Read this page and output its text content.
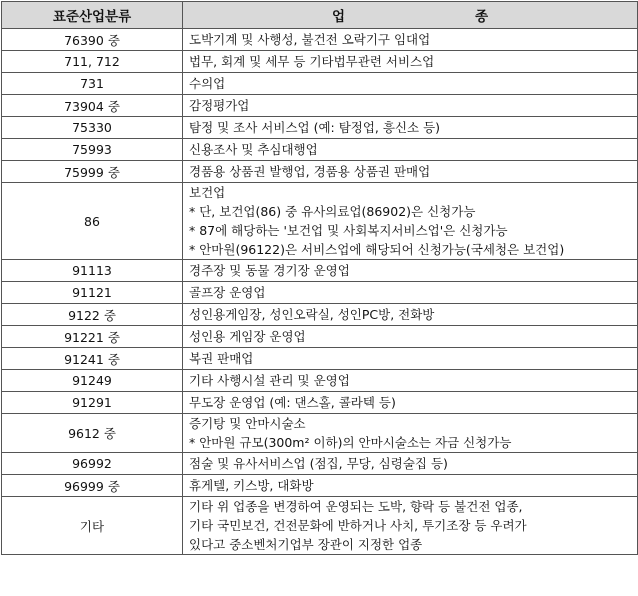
표준산업분류	업 종
76390 중	도박기계 및 사행성, 불건전 오락기구 임대업

711, 712	법무, 회계 및 세무 등 기타법무관련 서비스업

731	수의업

73904 중	감정평가업

75330	탐정 및 조사 서비스업 (예: 탐정업, 흥신소 등)

75993	신용조사 및 추심대행업

75999 중	경품용 상품권 발행업, 경품용 상품권 판매업

86	보건업
* 단, 보건업(86) 중 유사의료업(86902)은 신청가능
* 87에 해당하는 '보건업 및 사회복지서비스업'은 신청가능
* 안마원(96122)은 서비스업에 해당되어 신청가능(국세청은 보건업)

91113	경주장 및 동물 경기장 운영업

91121	골프장 운영업

9122 중	성인용게임장, 성인오락실, 성인PC방, 전화방

91221 중	성인용 게임장 운영업

91241 중	복권 판매업

91249	기타 사행시설 관리 및 운영업

91291	무도장 운영업 (예: 댄스홀, 콜라텍 등)

9612 중	증기탕 및 안마시술소
* 안마원 규모(300m² 이하)의 안마시술소는 자금 신청가능

96992	점술 및 유사서비스업 (점집, 무당, 심령술집 등)

96999 중	휴게텔, 키스방, 대화방

기타	기타 위 업종을 변경하여 운영되는 도박, 향락 등 불건전 업종,
기타 국민보건, 건전문화에 반하거나 사치, 투기조장 등 우려가
있다고 중소벤처기업부 장관이 지정한 업종
